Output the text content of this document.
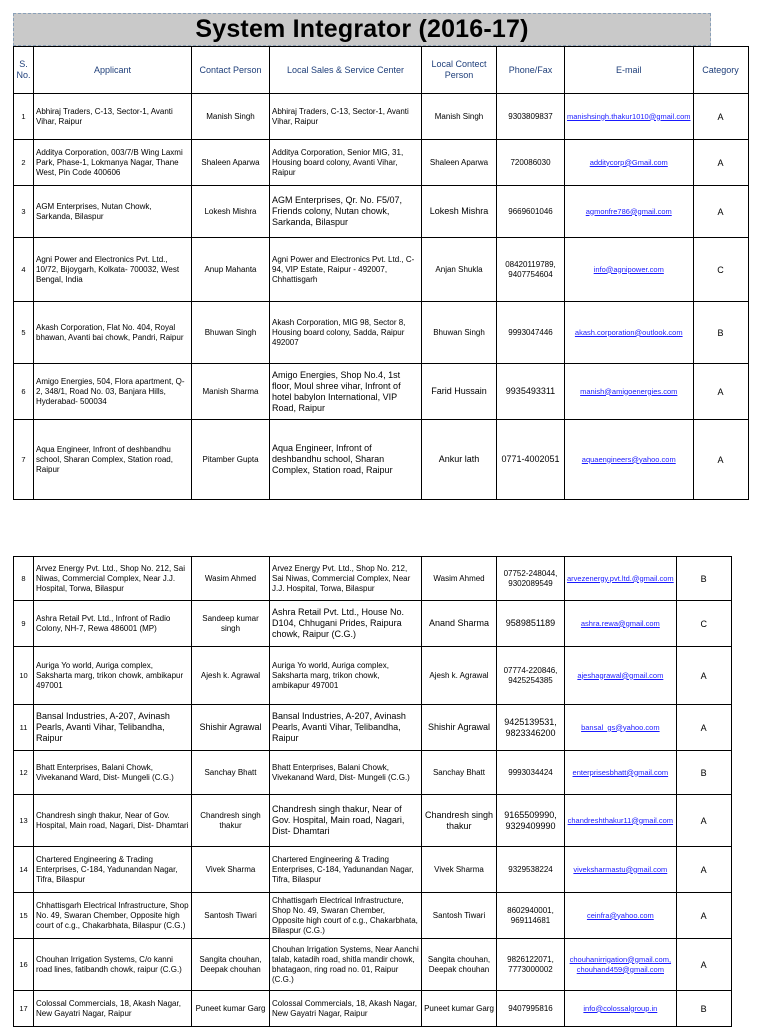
System Integrator (2016-17)
S. No.	Applicant	Contact Person	Local Sales & Service Center	Local Contect Person	Phone/Fax	E-mail	Category
1	Abhiraj Traders, C-13, Sector-1, Avanti Vihar, Raipur	Manish Singh	Abhiraj Traders, C-13, Sector-1, Avanti Vihar, Raipur	Manish Singh	9303809837	manishsingh.thakur1010@gmail.com	A
2	Additya Corporation, 003/7/B Wing Laxmi Park, Phase-1, Lokmanya Nagar, Thane West, Pin Code 400606	Shaleen Aparwa	Additya Corporation, Senior MIG, 31, Housing board colony, Avanti Vihar, Raipur	Shaleen Aparwa	720086030	additycorp@Gmail.com	A
3	AGM Enterprises, Nutan Chowk, Sarkanda, Bilaspur	Lokesh Mishra	AGM Enterprises, Qr. No. F5/07, Friends colony, Nutan chowk, Sarkanda, Bilaspur	Lokesh Mishra	9669601046	agmonfre786@gmail.com	A
4	Agni Power and Electronics Pvt. Ltd., 10/72, Bijoygarh, Kolkata- 700032, West Bengal, India	Anup Mahanta	Agni Power and Electronics Pvt. Ltd., C-94, VIP Estate, Raipur - 492007, Chhattisgarh	Anjan Shukla	08420119789, 9407754604	info@agnipower.com	C
5	Akash Corporation, Flat No. 404, Royal bhawan, Avanti bai chowk, Pandri, Raipur	Bhuwan Singh	Akash Corporation, MIG 98, Sector 8, Housing board colony, Sadda, Raipur 492007	Bhuwan Singh	9993047446	akash.corporation@outlook.com	B
6	Amigo Energies, 504, Flora apartment, Q-2, 348/1, Road No. 03, Banjara Hills, Hyderabad- 500034	Manish Sharma	Amigo Energies, Shop No.4, 1st floor, Moul shree vihar, Infront of hotel babylon International, VIP Road, Raipur	Farid Hussain	9935493311	manish@amigoenergies.com	A
7	Aqua Engineer, Infront of deshbandhu school, Sharan Complex, Station road, Raipur	Pitamber Gupta	Aqua Engineer, Infront of deshbandhu school, Sharan Complex, Station road, Raipur	Ankur lath	0771-4002051	aquaengineers@yahoo.com	A
8	Arvez Energy Pvt. Ltd., Shop No. 212, Sai Niwas, Commercial Complex, Near J.J. Hospital, Torwa, Bilaspur	Wasim Ahmed	Arvez Energy Pvt. Ltd., Shop No. 212, Sai Niwas, Commercial Complex, Near J.J. Hospital, Torwa, Bilaspur	Wasim Ahmed	07752-248044, 9302089549	arvezenergy.pvt.ltd.@gmail.com	B
9	Ashra Retail Pvt. Ltd., Infront of Radio Colony, NH-7, Rewa 486001 (MP)	Sandeep kumar singh	Ashra Retail Pvt. Ltd., House No. D104, Chhugani Prides, Raipura chowk, Raipur (C.G.)	Anand Sharma	9589851189	ashra.rewa@gmail.com	C
10	Auriga Yo world, Auriga complex, Saksharta marg, trikon chowk, ambikapur 497001	Ajesh k. Agrawal	Auriga Yo world, Auriga complex, Saksharta marg, trikon chowk, ambikapur 497001	Ajesh k. Agrawal	07774-220846, 9425254385	ajeshagrawal@gmail.com	A
11	Bansal Industries, A-207, Avinash Pearls, Avanti Vihar, Telibandha, Raipur	Shishir Agrawal	Bansal Industries, A-207, Avinash Pearls, Avanti Vihar, Telibandha, Raipur	Shishir Agrawal	9425139531, 9823346200	bansal_gs@yahoo.com	A
12	Bhatt Enterprises, Balani Chowk, Vivekanand Ward, Dist- Mungeli (C.G.)	Sanchay Bhatt	Bhatt Enterprises, Balani Chowk, Vivekanand Ward, Dist- Mungeli (C.G.)	Sanchay Bhatt	9993034424	enterprisesbhatt@gmail.com	B
13	Chandresh singh thakur, Near of Gov. Hospital, Main road, Nagari, Dist- Dhamtari	Chandresh singh thakur	Chandresh singh thakur, Near of Gov. Hospital, Main road, Nagari, Dist- Dhamtari	Chandresh singh thakur	9165509990, 9329409990	chandreshthakur11@gmail.com	A
14	Chartered Engineering & Trading Enterprises, C-184, Yadunandan Nagar, Tifra, Bilaspur	Vivek Sharma	Chartered Engineering & Trading Enterprises, C-184, Yadunandan Nagar, Tifra, Bilaspur	Vivek Sharma	9329538224	viveksharmastu@gmail.com	A
15	Chhattisgarh Electrical Infrastructure, Shop No. 49, Swaran Chember, Opposite high court of c.g., Chakarbhata, Bilaspur (C.G.)	Santosh Tiwari	Chhattisgarh Electrical Infrastructure, Shop No. 49, Swaran Chember, Opposite high court of c.g., Chakarbhata, Bilaspur (C.G.)	Santosh Tiwari	8602940001, 969114681	ceinfra@yahoo.com	A
16	Chouhan Irrigation Systems, C/o kanni road lines, fatibandh chowk, raipur (C.G.)	Sangita chouhan, Deepak chouhan	Chouhan Irrigation Systems, Near Aanchi talab, katadih road, shitla mandir chowk, bhatagaon, ring road no. 01, Raipur (C.G.)	Sangita chouhan, Deepak chouhan	9826122071, 7773000002	chouhanirrigation@gmail.com, chouhand459@gmail.com	A
17	Colossal Commercials, 18, Akash Nagar, New Gayatri Nagar, Raipur	Puneet kumar Garg	Colossal Commercials, 18, Akash Nagar, New Gayatri Nagar, Raipur	Puneet kumar Garg	9407995816	info@colossalgroup.in	B
